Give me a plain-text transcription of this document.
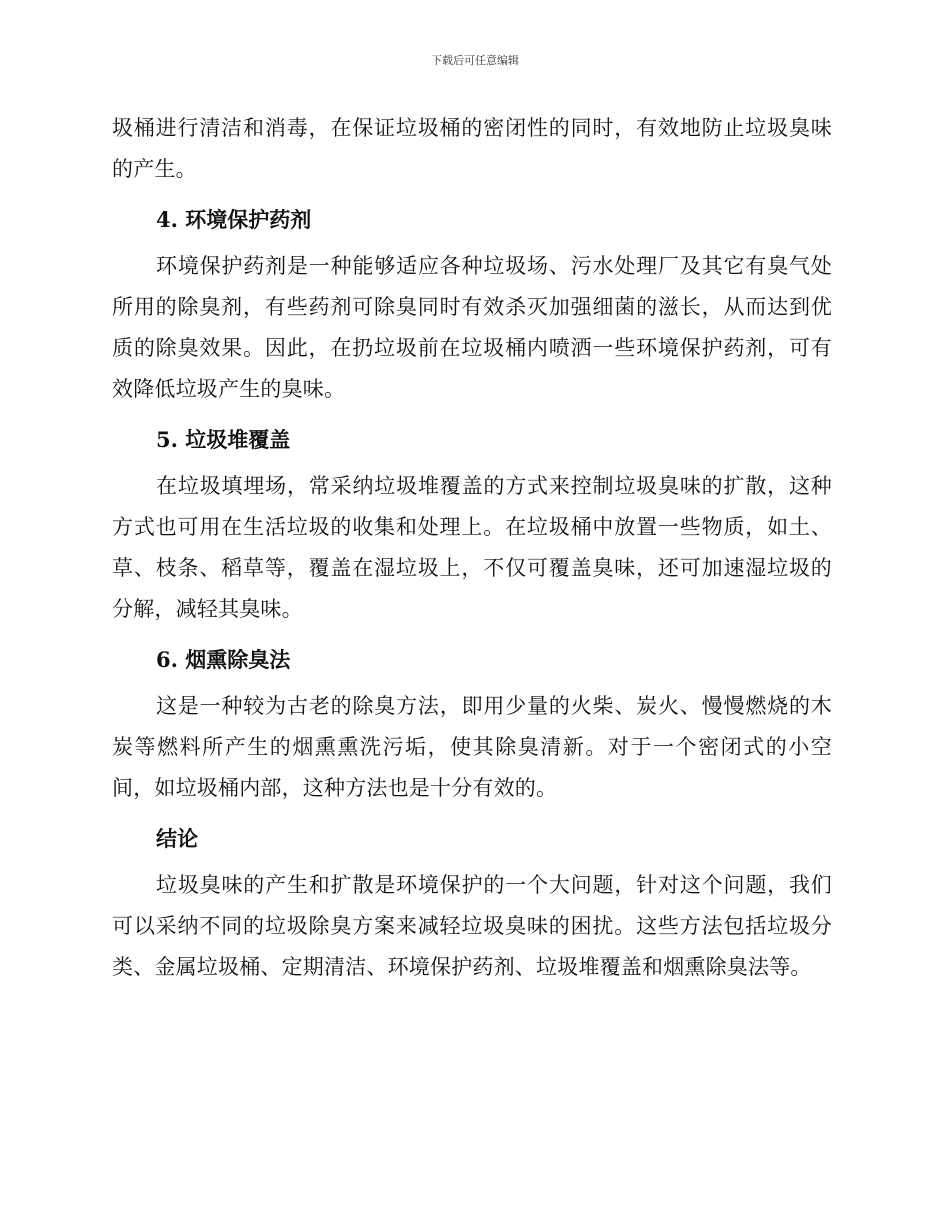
下载后可任意编辑

圾桶进行清洁和消毒，在保证垃圾桶的密闭性的同时，有效地防止垃圾臭味的产生。

4. 环境保护药剂

环境保护药剂是一种能够适应各种垃圾场、污水处理厂及其它有臭气处所用的除臭剂，有些药剂可除臭同时有效杀灭加强细菌的滋长，从而达到优质的除臭效果。因此，在扔垃圾前在垃圾桶内喷洒一些环境保护药剂，可有效降低垃圾产生的臭味。

5. 垃圾堆覆盖

在垃圾填埋场，常采纳垃圾堆覆盖的方式来控制垃圾臭味的扩散，这种方式也可用在生活垃圾的收集和处理上。在垃圾桶中放置一些物质，如土、草、枝条、稻草等，覆盖在湿垃圾上，不仅可覆盖臭味，还可加速湿垃圾的分解，减轻其臭味。

6. 烟熏除臭法

这是一种较为古老的除臭方法，即用少量的火柴、炭火、慢慢燃烧的木炭等燃料所产生的烟熏熏洗污垢，使其除臭清新。对于一个密闭式的小空间，如垃圾桶内部，这种方法也是十分有效的。

结论

垃圾臭味的产生和扩散是环境保护的一个大问题，针对这个问题，我们可以采纳不同的垃圾除臭方案来减轻垃圾臭味的困扰。这些方法包括垃圾分类、金属垃圾桶、定期清洁、环境保护药剂、垃圾堆覆盖和烟熏除臭法等。
